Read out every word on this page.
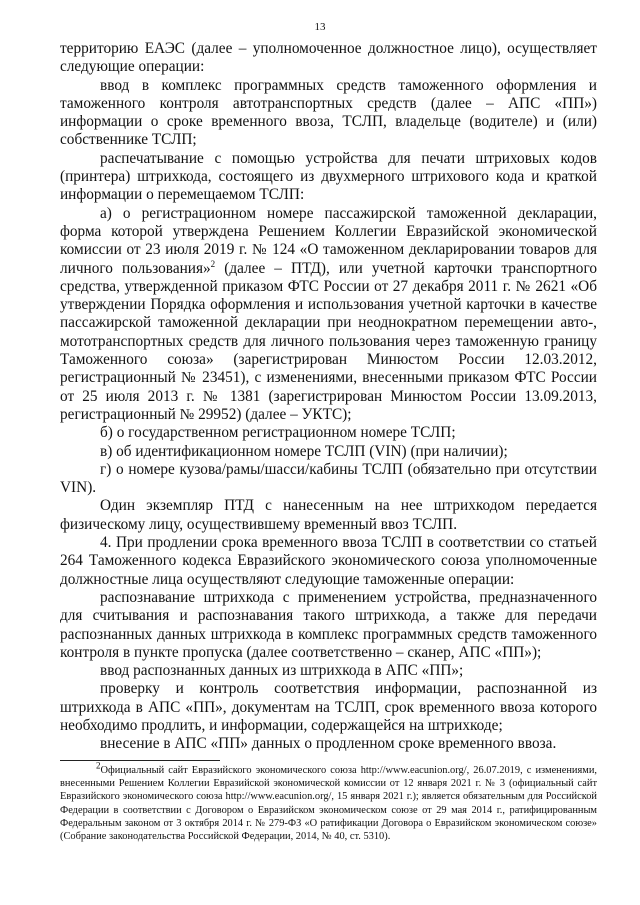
13

территорию ЕАЭС (далее – уполномоченное должностное лицо), осуществляет следующие операции:

ввод в комплекс программных средств таможенного оформления и таможенного контроля автотранспортных средств (далее – АПС «ПП») информации о сроке временного ввоза, ТСЛП, владельце (водителе) и (или) собственнике ТСЛП;

распечатывание с помощью устройства для печати штриховых кодов (принтера) штрихкода, состоящего из двухмерного штрихового кода и краткой информации о перемещаемом ТСЛП:

а) о регистрационном номере пассажирской таможенной декларации, форма которой утверждена Решением Коллегии Евразийской экономической комиссии от 23 июля 2019 г. № 124 «О таможенном декларировании товаров для личного пользования»$^2$ (далее – ПТД), или учетной карточки транспортного средства, утвержденной приказом ФТС России от 27 декабря 2011 г. № 2621 «Об утверждении Порядка оформления и использования учетной карточки в качестве пассажирской таможенной декларации при неоднократном перемещении авто-, мототранспортных средств для личного пользования через таможенную границу Таможенного союза» (зарегистрирован Минюстом России 12.03.2012, регистрационный № 23451), с изменениями, внесенными приказом ФТС России от 25 июля 2013 г. № 1381 (зарегистрирован Минюстом России 13.09.2013, регистрационный № 29952) (далее – УКТС);

б) о государственном регистрационном номере ТСЛП;

в) об идентификационном номере ТСЛП (VIN) (при наличии);

г) о номере кузова/рамы/шасси/кабины ТСЛП (обязательно при отсутствии VIN).

Один экземпляр ПТД с нанесенным на нее штрихкодом передается физическому лицу, осуществившему временный ввоз ТСЛП.

4. При продлении срока временного ввоза ТСЛП в соответствии со статьей 264 Таможенного кодекса Евразийского экономического союза уполномоченные должностные лица осуществляют следующие таможенные операции:

распознавание штрихкода с применением устройства, предназначенного для считывания и распознавания такого штрихкода, а также для передачи распознанных данных штрихкода в комплекс программных средств таможенного контроля в пункте пропуска (далее соответственно – сканер, АПС «ПП»);

ввод распознанных данных из штрихкода в АПС «ПП»;

проверку и контроль соответствия информации, распознанной из штрихкода в АПС «ПП», документам на ТСЛП, срок временного ввоза которого необходимо продлить, и информации, содержащейся на штрихкоде;

внесение в АПС «ПП» данных о продленном сроке временного ввоза.

$^2$Официальный сайт Евразийского экономического союза http://www.eacunion.org/, 26.07.2019, с изменениями, внесенными Решением Коллегии Евразийской экономической комиссии от 12 января 2021 г. № 3 (официальный сайт Евразийского экономического союза http://www.eacunion.org/, 15 января 2021 г.); является обязательным для Российской Федерации в соответствии с Договором о Евразийском экономическом союзе от 29 мая 2014 г., ратифицированным Федеральным законом от 3 октября 2014 г. № 279-ФЗ «О ратификации Договора о Евразийском экономическом союзе» (Собрание законодательства Российской Федерации, 2014, № 40, ст. 5310).
